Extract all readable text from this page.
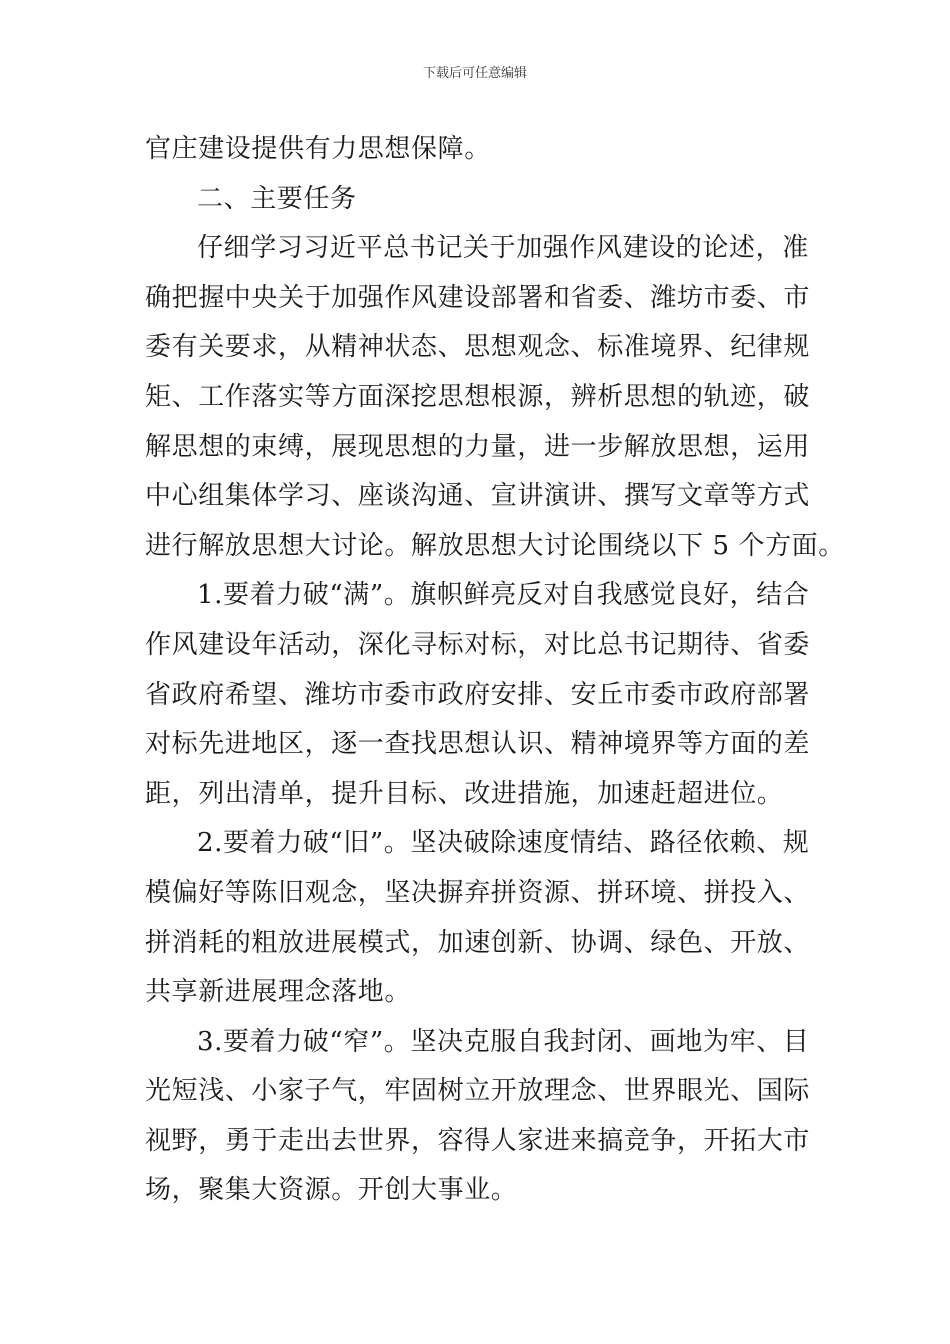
下载后可任意编辑
官庄建设提供有力思想保障。
二、主要任务
仔细学习习近平总书记关于加强作风建设的论述，准
确把握中央关于加强作风建设部署和省委、潍坊市委、市
委有关要求，从精神状态、思想观念、标准境界、纪律规
矩、工作落实等方面深挖思想根源，辨析思想的轨迹，破
解思想的束缚，展现思想的力量，进一步解放思想，运用
中心组集体学习、座谈沟通、宣讲演讲、撰写文章等方式
进行解放思想大讨论。解放思想大讨论围绕以下 5 个方面。
1.要着力破“满”。旗帜鲜亮反对自我感觉良好，结合
作风建设年活动，深化寻标对标，对比总书记期待、省委
省政府希望、潍坊市委市政府安排、安丘市委市政府部署
对标先进地区，逐一查找思想认识、精神境界等方面的差
距，列出清单，提升目标、改进措施，加速赶超进位。
2.要着力破“旧”。坚决破除速度情结、路径依赖、规
模偏好等陈旧观念，坚决摒弃拼资源、拼环境、拼投入、
拼消耗的粗放进展模式，加速创新、协调、绿色、开放、
共享新进展理念落地。
3.要着力破“窄”。坚决克服自我封闭、画地为牢、目
光短浅、小家子气，牢固树立开放理念、世界眼光、国际
视野，勇于走出去世界，容得人家进来搞竞争，开拓大市
场，聚集大资源。开创大事业。
